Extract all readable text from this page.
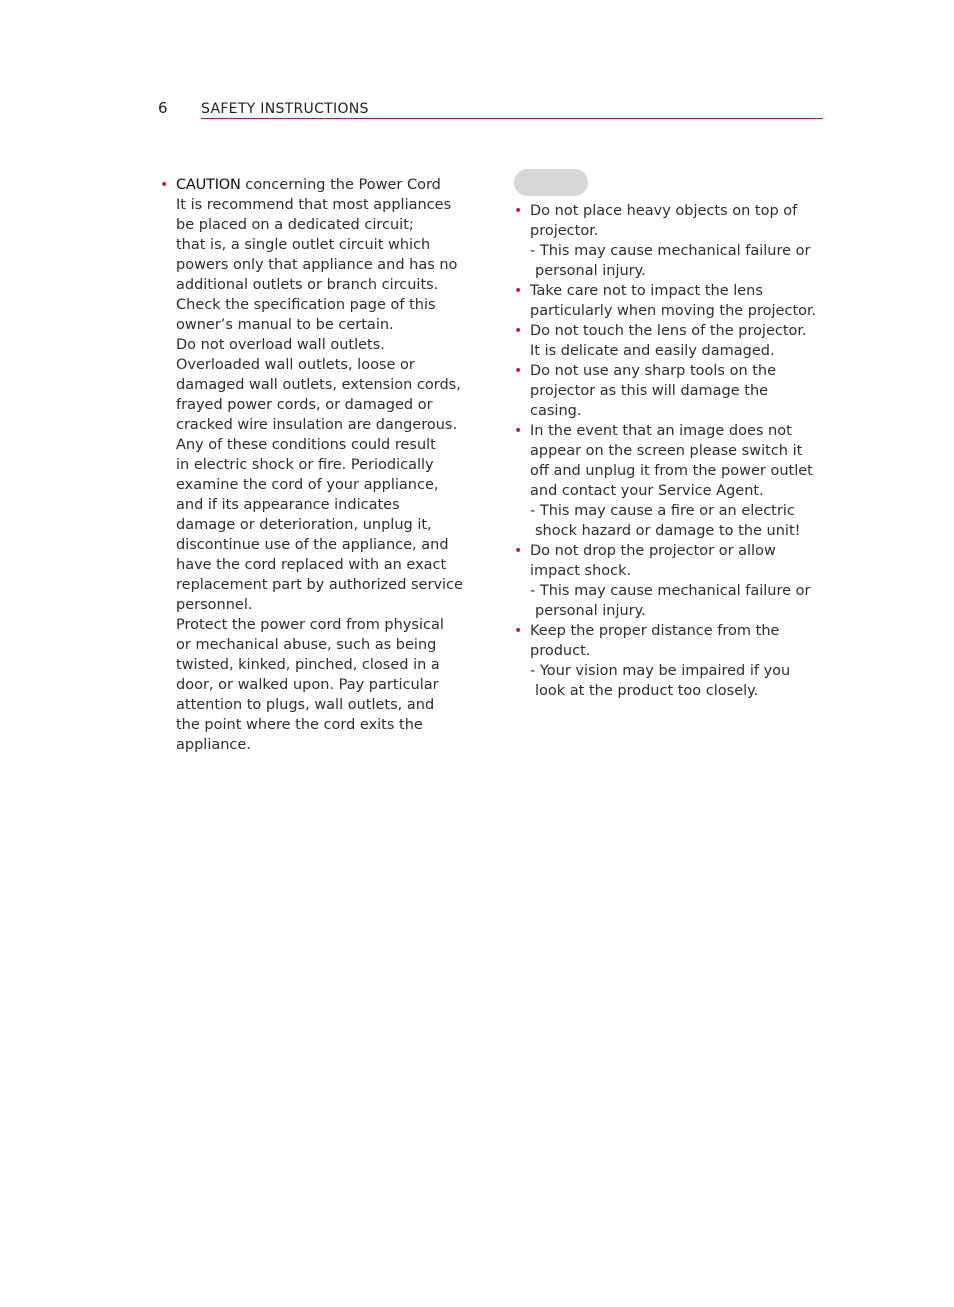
6 SAFETY INSTRUCTIONS
• CAUTION concerning the Power Cord
It is recommend that most appliances
be placed on a dedicated circuit;
that is, a single outlet circuit which
powers only that appliance and has no
additional outlets or branch circuits.
Check the specification page of this
owner’s manual to be certain.
Do not overload wall outlets.
Overloaded wall outlets, loose or
damaged wall outlets, extension cords,
frayed power cords, or damaged or
cracked wire insulation are dangerous.
Any of these conditions could result
in electric shock or fire. Periodically
examine the cord of your appliance,
and if its appearance indicates
damage or deterioration, unplug it,
discontinue use of the appliance, and
have the cord replaced with an exact
replacement part by authorized service
personnel.
Protect the power cord from physical
or mechanical abuse, such as being
twisted, kinked, pinched, closed in a
door, or walked upon. Pay particular
attention to plugs, wall outlets, and
the point where the cord exits the
appliance.
• Do not place heavy objects on top of
projector.
- This may cause mechanical failure or
personal injury.
• Take care not to impact the lens
particularly when moving the projector.
• Do not touch the lens of the projector.
It is delicate and easily damaged.
• Do not use any sharp tools on the
projector as this will damage the
casing.
• In the event that an image does not
appear on the screen please switch it
off and unplug it from the power outlet
and contact your Service Agent.
- This may cause a fire or an electric
shock hazard or damage to the unit!
• Do not drop the projector or allow
impact shock.
- This may cause mechanical failure or
personal injury.
• Keep the proper distance from the
product.
- Your vision may be impaired if you
look at the product too closely.
